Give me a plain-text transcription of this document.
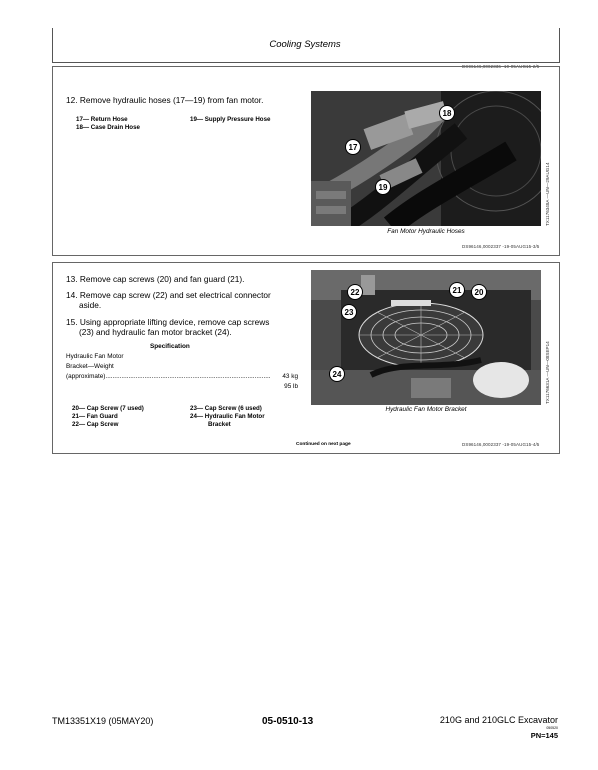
Cooling Systems
DS96146,0002336 -19-05AUG15-2/5
12. Remove hydraulic hoses (17—19) from fan motor.
17— Return Hose
18— Case Drain Hose
19— Supply Pressure Hose
18
17
19	TX1176348A —UN—29AUG14
Fan Motor Hydraulic Hoses
DS96146,0002337 -19-05AUG15-3/5
13. Remove cap screws (20) and fan guard (21).
14. Remove cap screw (22) and set electrical connector
aside.
15. Using appropriate lifting device, remove cap screws
(23) and hydraulic fan motor bracket (24).
Specification
Hydraulic Fan Motor
Bracket—Weight
(approximate).............................................................................................	43 kg
95 lb
20— Cap Screw (7 used)
21— Fan Guard
22— Cap Screw
23— Cap Screw (6 used)
24— Hydraulic Fan Motor
Bracket
22
23
21	20
24	TX1176631A —UN—08SEP14
Hydraulic Fan Motor Bracket
Continued on next page	DS96146,0002337 -19-05AUG15-4/5
TM13351X19 (05MAY20)	05-0510-13	210G and 210GLC Excavator
050520
PN=145
